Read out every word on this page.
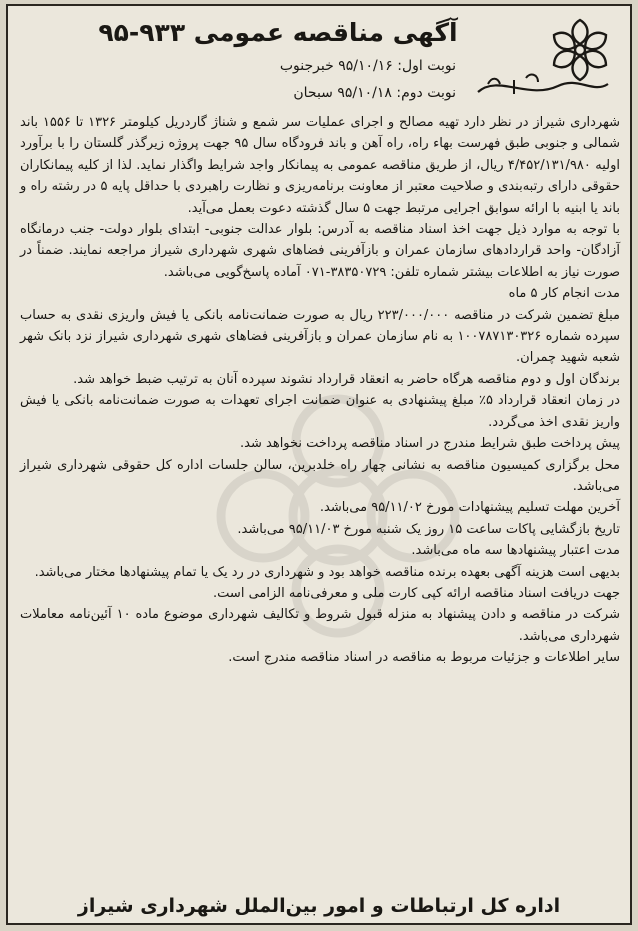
آگهی مناقصه عمومی ۹۳۳-۹۵
نوبت اول: ۹۵/۱۰/۱۶ خبرجنوب
نوبت دوم: ۹۵/۱۰/۱۸ سبحان

شهرداری شیراز در نظر دارد تهیه مصالح و اجرای عملیات سر شمع و شناژ گاردریل کیلومتر ۱۳۲۶ تا ۱۵۵۶ باند شمالی و جنوبی طبق فهرست بهاء راه، راه آهن و باند فرودگاه سال ۹۵ جهت پروژه زیرگذر گلستان را با برآورد اولیه ۴/۴۵۲/۱۳۱/۹۸۰ ریال، از طریق مناقصه عمومی به پیمانکار واجد شرایط واگذار نماید. لذا از کلیه پیمانکاران حقوقی دارای رتبه‌بندی و صلاحیت معتبر از معاونت برنامه‌ریزی و نظارت راهبردی با حداقل پایه ۵ در رشته راه و باند یا ابنیه با ارائه سوابق اجرایی مرتبط جهت ۵ سال گذشته دعوت بعمل می‌آید.

با توجه به موارد ذیل جهت اخذ اسناد مناقصه به آدرس: بلوار عدالت جنوبی- ابتدای بلوار دولت- جنب درمانگاه آزادگان- واحد قراردادهای سازمان عمران و بازآفرینی فضاهای شهری شهرداری شیراز مراجعه نمایند. ضمناً در صورت نیاز به اطلاعات بیشتر شماره تلفن: ۳۸۳۵۰۷۲۹-۰۷۱ آماده پاسخ‌گویی می‌باشد.

مدت انجام کار ۵ ماه

مبلغ تضمین شرکت در مناقصه ۲۲۳/۰۰۰/۰۰۰ ریال به صورت ضمانت‌نامه بانکی یا فیش واریزی نقدی به حساب سپرده شماره ۱۰۰۷۸۷۱۳۰۳۲۶ به نام سازمان عمران و بازآفرینی فضاهای شهری شهرداری شیراز نزد بانک شهر شعبه شهید چمران.

برندگان اول و دوم مناقصه هرگاه حاضر به انعقاد قرارداد نشوند سپرده آنان به ترتیب ضبط خواهد شد.

در زمان انعقاد قرارداد ۵٪ مبلغ پیشنهادی به عنوان ضمانت اجرای تعهدات به صورت ضمانت‌نامه بانکی یا فیش واریز نقدی اخذ می‌گردد.

پیش پرداخت طبق شرایط مندرج در اسناد مناقصه پرداخت نخواهد شد.

محل برگزاری کمیسیون مناقصه به نشانی چهار راه خلدبرین، سالن جلسات اداره کل حقوقی شهرداری شیراز می‌باشد.

آخرین مهلت تسلیم پیشنهادات مورخ ۹۵/۱۱/۰۲ می‌باشد.

تاریخ بازگشایی پاکات ساعت ۱۵ روز یک شنبه مورخ ۹۵/۱۱/۰۳ می‌باشد.

مدت اعتبار پیشنهادها سه ماه می‌باشد.

بدیهی است هزینه آگهی بعهده برنده مناقصه خواهد بود و شهرداری در رد یک یا تمام پیشنهادها مختار می‌باشد.

جهت دریافت اسناد مناقصه ارائه کپی کارت ملی و معرفی‌نامه الزامی است.

شرکت در مناقصه و دادن پیشنهاد به منزله قبول شروط و تکالیف شهرداری موضوع ماده ۱۰ آئین‌نامه معاملات شهرداری می‌باشد.

سایر اطلاعات و جزئیات مربوط به مناقصه در اسناد مناقصه مندرج است.

اداره کل ارتباطات و امور بین‌الملل شهرداری شیراز
